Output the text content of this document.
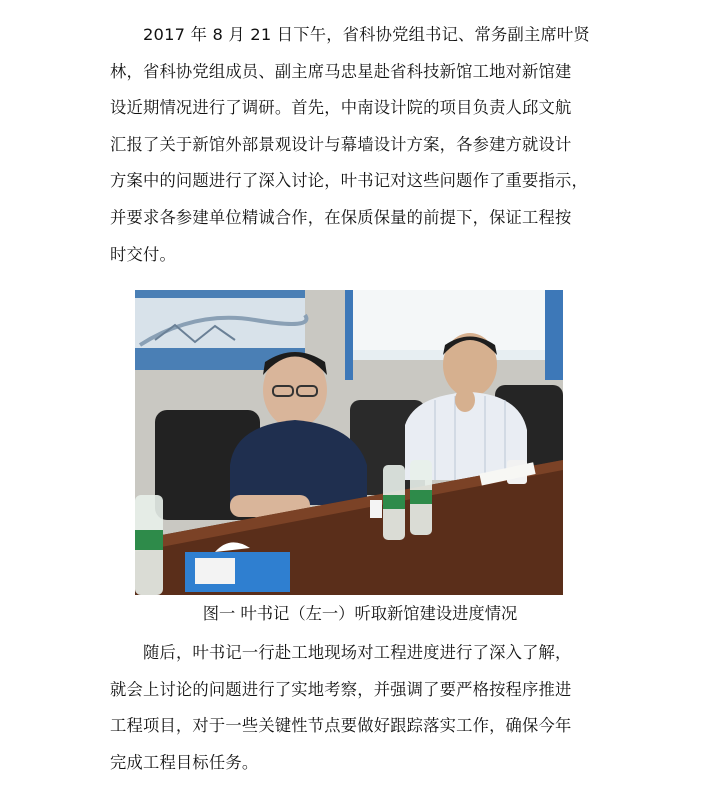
2017 年 8 月 21 日下午，省科协党组书记、常务副主席叶贤
林，省科协党组成员、副主席马忠星赴省科技新馆工地对新馆建
设近期情况进行了调研。首先，中南设计院的项目负责人邱文航
汇报了关于新馆外部景观设计与幕墙设计方案，各参建方就设计
方案中的问题进行了深入讨论，叶书记对这些问题作了重要指示，
并要求各参建单位精诚合作，在保质保量的前提下，保证工程按
时交付。
图一 叶书记（左一）听取新馆建设进度情况
随后，叶书记一行赴工地现场对工程进度进行了深入了解，
就会上讨论的问题进行了实地考察，并强调了要严格按程序推进
工程项目，对于一些关键性节点要做好跟踪落实工作，确保今年
完成工程目标任务。
